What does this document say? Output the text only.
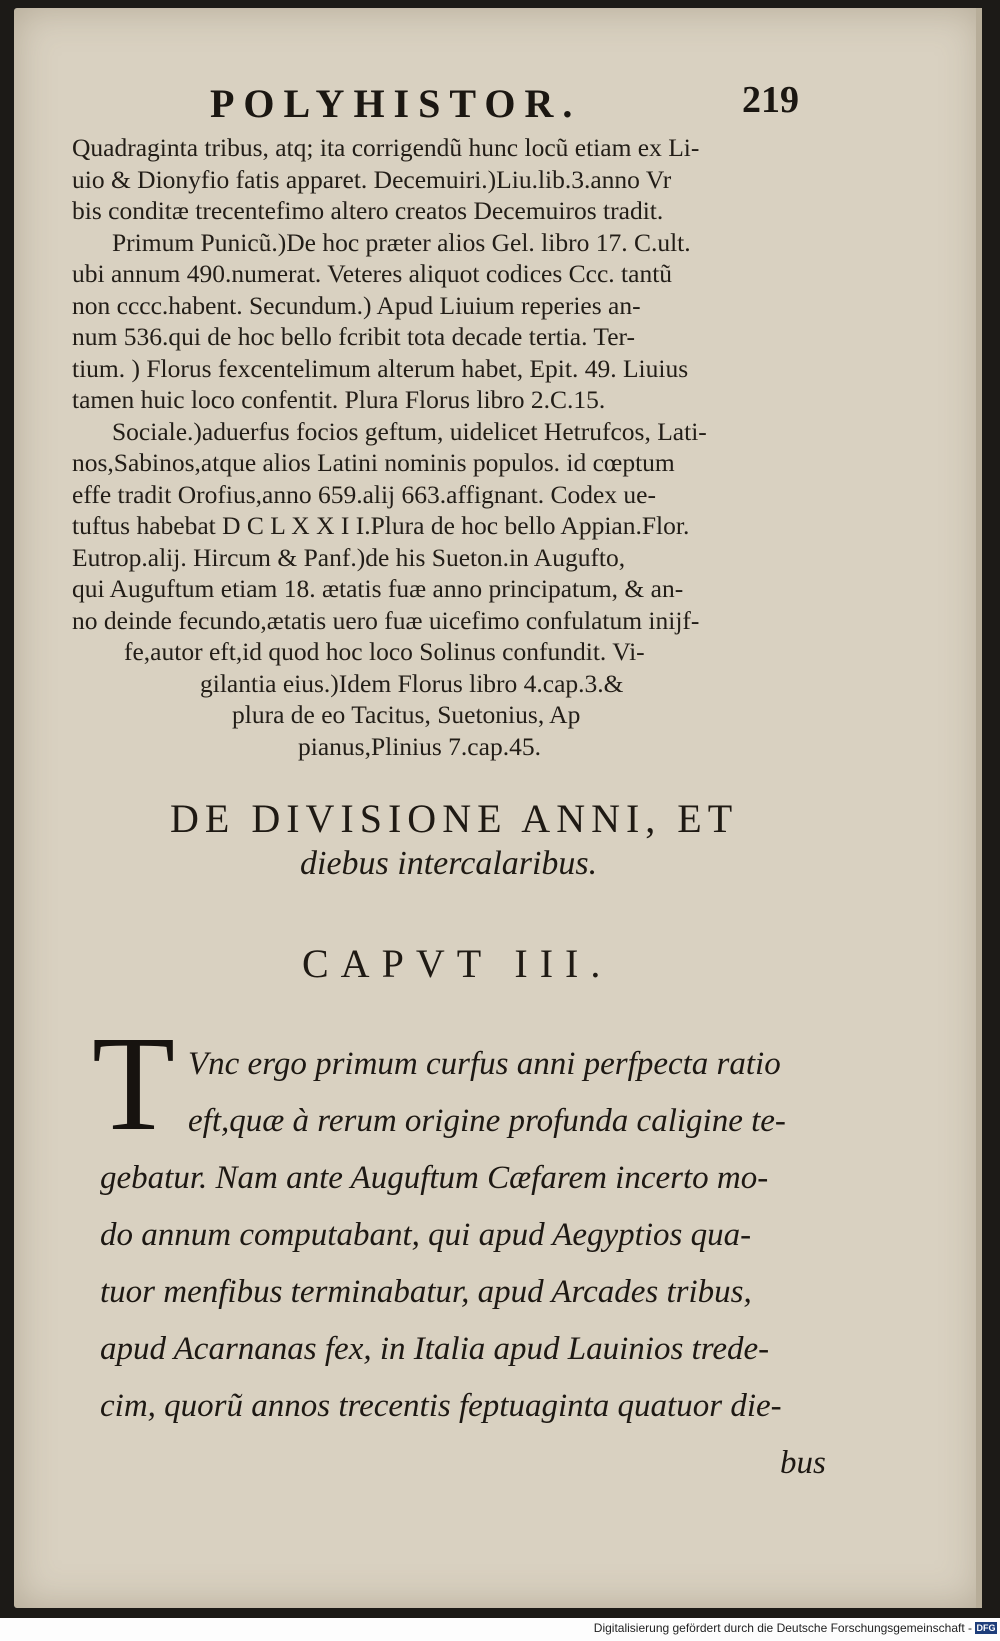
POLYHISTOR.	219
Quadraginta tribus, atq; ita corrigendũ hunc locũ etiam ex Li-
uio & Dionyfio fatis apparet. Decemuiri.)Liu.lib.3.anno Vr
bis conditæ trecentefimo altero creatos Decemuiros tradit.
Primum Punicũ.)De hoc præter alios Gel. libro 17. C.ult.
ubi annum 490.numerat. Veteres aliquot codices Ccc. tantũ
non cccc.habent. Secundum.) Apud Liuium reperies an-
num 536.qui de hoc bello fcribit tota decade tertia. Ter-
tium. ) Florus fexcentelimum alterum habet, Epit. 49. Liuius
tamen huic loco confentit. Plura Florus libro 2.C.15.
Sociale.)aduerfus focios geftum, uidelicet Hetrufcos, Lati-
nos,Sabinos,atque alios Latini nominis populos. id cœptum
effe tradit Orofius,anno 659.alij 663.affignant. Codex ue-
tuftus habebat D C L X X I I.Plura de hoc bello Appian.Flor.
Eutrop.alij. Hircum & Panf.)de his Sueton.in Augufto,
qui Auguftum etiam 18. ætatis fuæ anno principatum, & an-
no deinde fecundo,ætatis uero fuæ uicefimo confulatum inijf-
fe,autor eft,id quod hoc loco Solinus confundit. Vi-
gilantia eius.)Idem Florus libro 4.cap.3.&
plura de eo Tacitus, Suetonius, Ap
pianus,Plinius 7.cap.45.
DE DIVISIONE ANNI, ET
diebus intercalaribus.
CAPVT III.
T Vnc ergo primum curfus anni perfpecta ratio
eft,quæ à rerum origine profunda caligine te-
gebatur. Nam ante Auguftum Cæfarem incerto mo-
do annum computabant, qui apud Aegyptios qua-
tuor menfibus terminabatur, apud Arcades tribus,
apud Acarnanas fex, in Italia apud Lauinios trede-
cim, quorũ annos trecentis feptuaginta quatuor die-
bus
Digitalisierung gefördert durch die Deutsche Forschungsgemeinschaft - DFG
